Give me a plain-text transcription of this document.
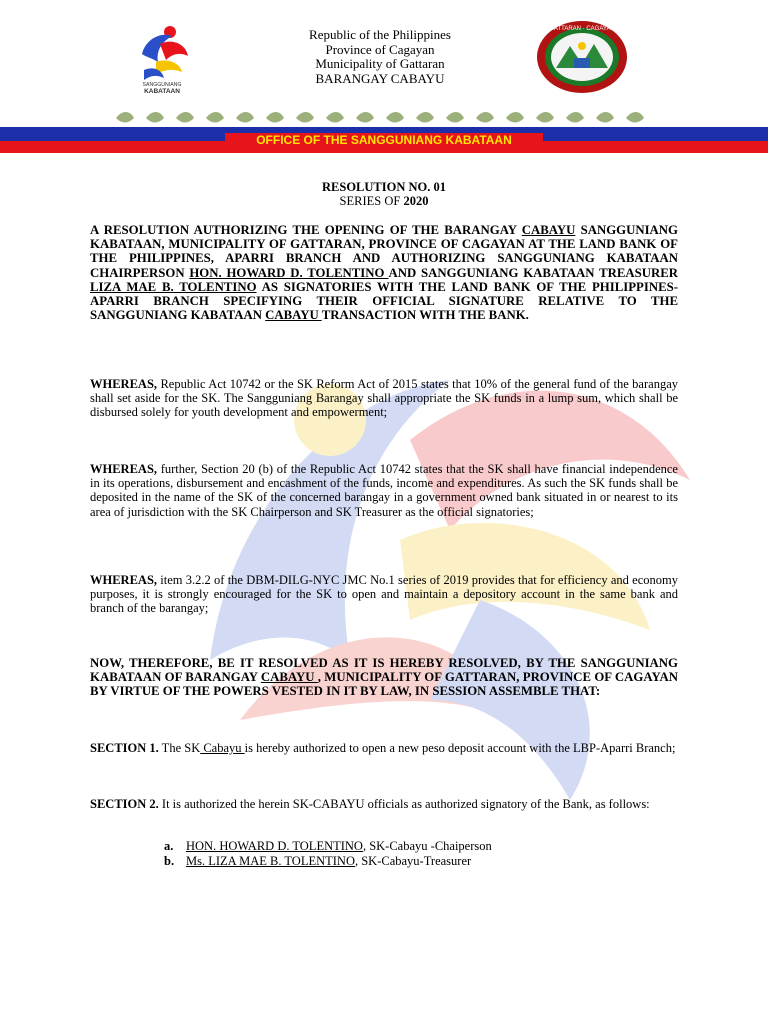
Republic of the Philippines
Province of Cagayan
Municipality of Gattaran
BARANGAY CABAYU
SANGGUNIANG
KABATAAN
GATTARAN · CAGAYAN
OFFICE OF THE SANGGUNIANG KABATAAN
RESOLUTION NO. 01
SERIES OF 2020
A RESOLUTION AUTHORIZING THE OPENING OF THE BARANGAY CABAYU SANGGUNIANG KABATAAN, MUNICIPALITY OF GATTARAN, PROVINCE OF CAGAYAN AT THE LAND BANK OF THE PHILIPPINES, APARRI BRANCH AND AUTHORIZING SANGGUNIANG KABATAAN CHAIRPERSON HON. HOWARD D. TOLENTINO AND SANGGUNIANG KABATAAN TREASURER LIZA MAE B. TOLENTINO AS SIGNATORIES WITH THE LAND BANK OF THE PHILIPPINES-APARRI BRANCH SPECIFYING THEIR OFFICIAL SIGNATURE RELATIVE TO THE SANGGUNIANG KABATAAN CABAYU TRANSACTION WITH THE BANK.
WHEREAS, Republic Act 10742 or the SK Reform Act of 2015 states that 10% of the general fund of the barangay shall set aside for the SK. The Sangguniang Barangay shall appropriate the SK funds in a lump sum, which shall be disbursed solely for youth development and empowerment;
WHEREAS, further, Section 20 (b) of the Republic Act 10742 states that the SK shall have financial independence in its operations, disbursement and encashment of the funds, income and expenditures. As such the SK funds shall be deposited in the name of the SK of the concerned barangay in a government owned bank situated in or nearest to its area of jurisdiction with the SK Chairperson and SK Treasurer as the official signatories;
WHEREAS, item 3.2.2 of the DBM-DILG-NYC JMC No.1 series of 2019 provides that for efficiency and economy purposes, it is strongly encouraged for the SK to open and maintain a depository account in the same bank and branch of the barangay;
NOW, THEREFORE, BE IT RESOLVED AS IT IS HEREBY RESOLVED, BY THE SANGGUNIANG KABATAAN OF BARANGAY CABAYU , MUNICIPALITY OF GATTARAN, PROVINCE OF CAGAYAN BY VIRTUE OF THE POWERS VESTED IN IT BY LAW, IN SESSION ASSEMBLE THAT:
SECTION 1. The SK Cabayu is hereby authorized to open a new peso deposit account with the LBP-Aparri Branch;
SECTION 2. It is authorized the herein SK-CABAYU officials as authorized signatory of the Bank, as follows:
a. HON. HOWARD D. TOLENTINO, SK-Cabayu -Chaiperson
b. Ms. LIZA MAE B. TOLENTINO, SK-Cabayu-Treasurer
